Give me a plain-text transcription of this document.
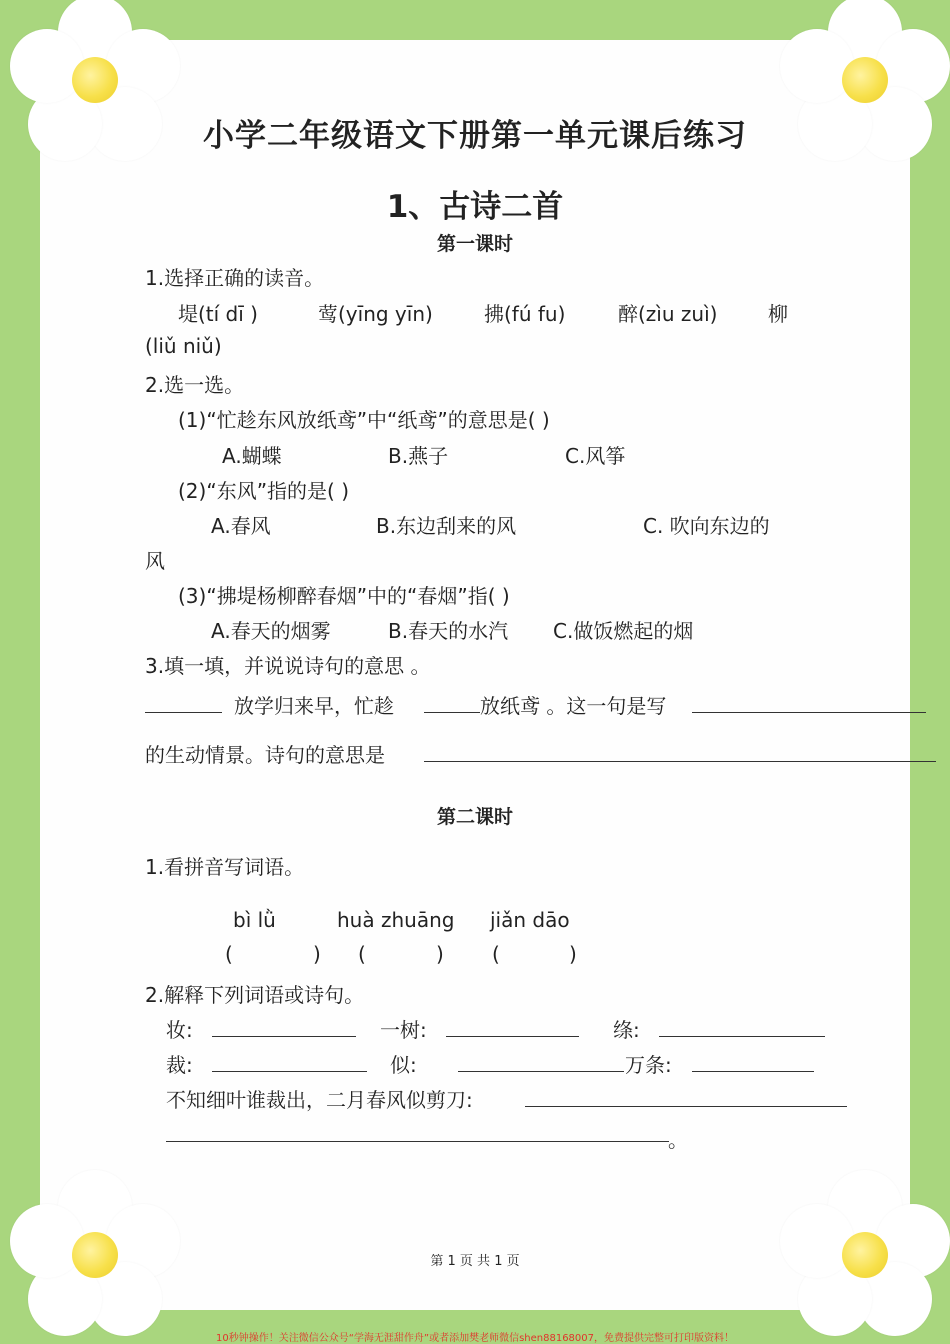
小学二年级语文下册第一单元课后练习
1、古诗二首
第一课时
1.选择正确的读音。
堤(tí dī )	莺(yīng yīn)	拂(fú fu)	醉(zìu zuì)	柳
(liǔ niǔ)
2.选一选。
(1)“忙趁东风放纸鸢”中“纸鸢”的意思是( )
A.蝴蝶	B.燕子	C.风筝
(2)“东风”指的是( )
A.春风	B.东边刮来的风	C. 吹向东边的
风
(3)“拂堤杨柳醉春烟”中的“春烟”指( )
A.春天的烟雾	B.春天的水汽 C.做饭燃起的烟
3.填一填，并说说诗句的意思 。
放学归来早，忙趁	放纸鸢 。这一句是写
的生动情景。诗句的意思是
第二课时
1.看拼音写词语。
bì lǜ	huà zhuāng jiǎn dāo
(	) (	) (	)
2.解释下列词语或诗句。
妆:	一树:	绦:
裁:	似:	万条:
不知细叶谁裁出，二月春风似剪刀:
。
第 1 页 共 1 页
10秒钟操作！关注微信公众号“学海无涯甜作舟”或者添加樊老师微信shen88168007，免费提供完整可打印版资料！
